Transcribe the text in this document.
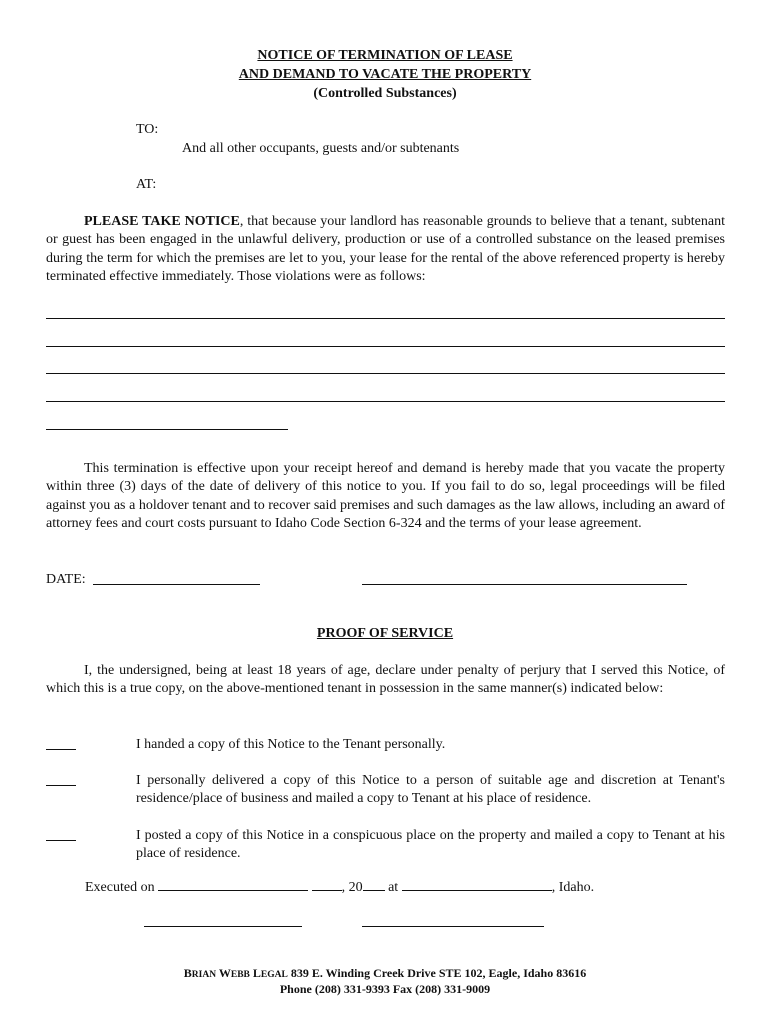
NOTICE OF TERMINATION OF LEASE
AND DEMAND TO VACATE THE PROPERTY
(Controlled Substances)
TO:
And all other occupants, guests and/or subtenants
AT:
PLEASE TAKE NOTICE, that because your landlord has reasonable grounds to believe that a tenant, subtenant or guest has been engaged in the unlawful delivery, production or use of a controlled substance on the leased premises during the term for which the premises are let to you, your lease for the rental of the above referenced property is hereby terminated effective immediately. Those violations were as follows:
This termination is effective upon your receipt hereof and demand is hereby made that you vacate the property within three (3) days of the date of delivery of this notice to you. If you fail to do so, legal proceedings will be filed against you as a holdover tenant and to recover said premises and such damages as the law allows, including an award of attorney fees and court costs pursuant to Idaho Code Section 6-324 and the terms of your lease agreement.
DATE:
PROOF OF SERVICE
I, the undersigned, being at least 18 years of age, declare under penalty of perjury that I served this Notice, of which this is a true copy, on the above-mentioned tenant in possession in the same manner(s) indicated below:
I handed a copy of this Notice to the Tenant personally.
I personally delivered a copy of this Notice to a person of suitable age and discretion at Tenant's residence/place of business and mailed a copy to Tenant at his place of residence.
I posted a copy of this Notice in a conspicuous place on the property and mailed a copy to Tenant at his place of residence.
Executed on	, 20 at	, Idaho.
BRIAN WEBB LEGAL 839 E. Winding Creek Drive STE 102, Eagle, Idaho 83616
Phone (208) 331-9393 Fax (208) 331-9009
